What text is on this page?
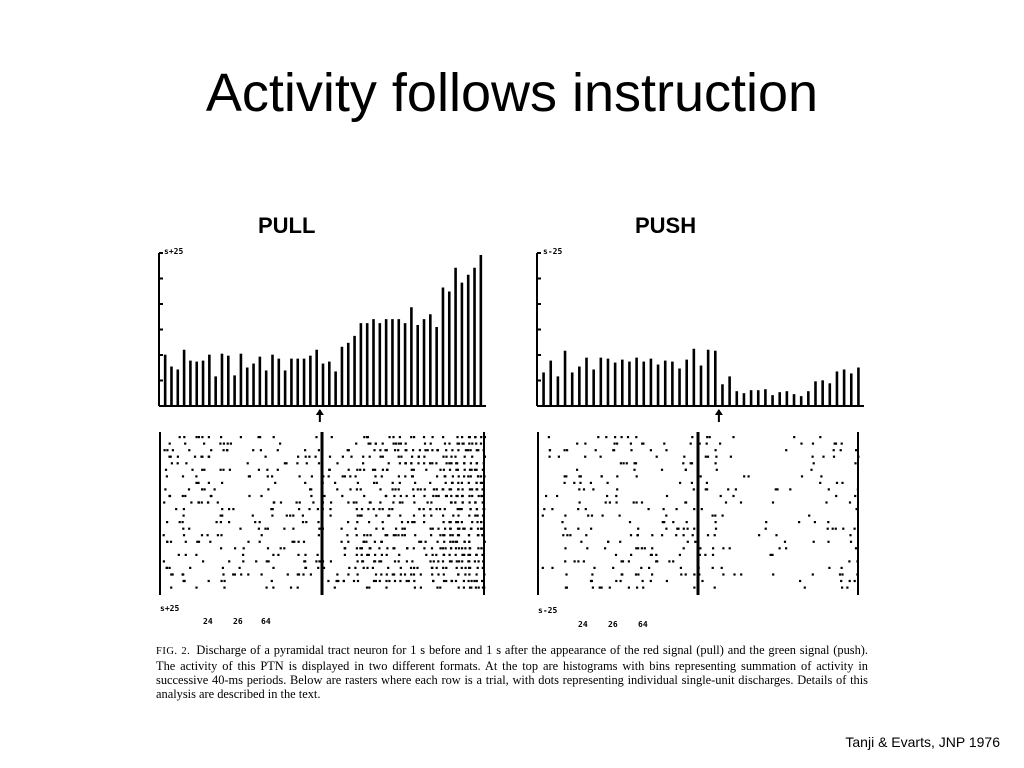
Activity follows instruction
PULL	PUSH
s+25	s-25
s+25	s-25
24	26 64	24	26	64
FIG. 2. Discharge of a pyramidal tract neuron for 1 s before and 1 s after the appearance of the red signal (pull) and the green signal (push). The activity of this PTN is displayed in two different formats. At the top are histograms with bins representing summation of activity in successive 40-ms periods. Below are rasters where each row is a trial, with dots representing individual single-unit discharges. Details of this analysis are described in the text.
Tanji & Evarts, JNP 1976
